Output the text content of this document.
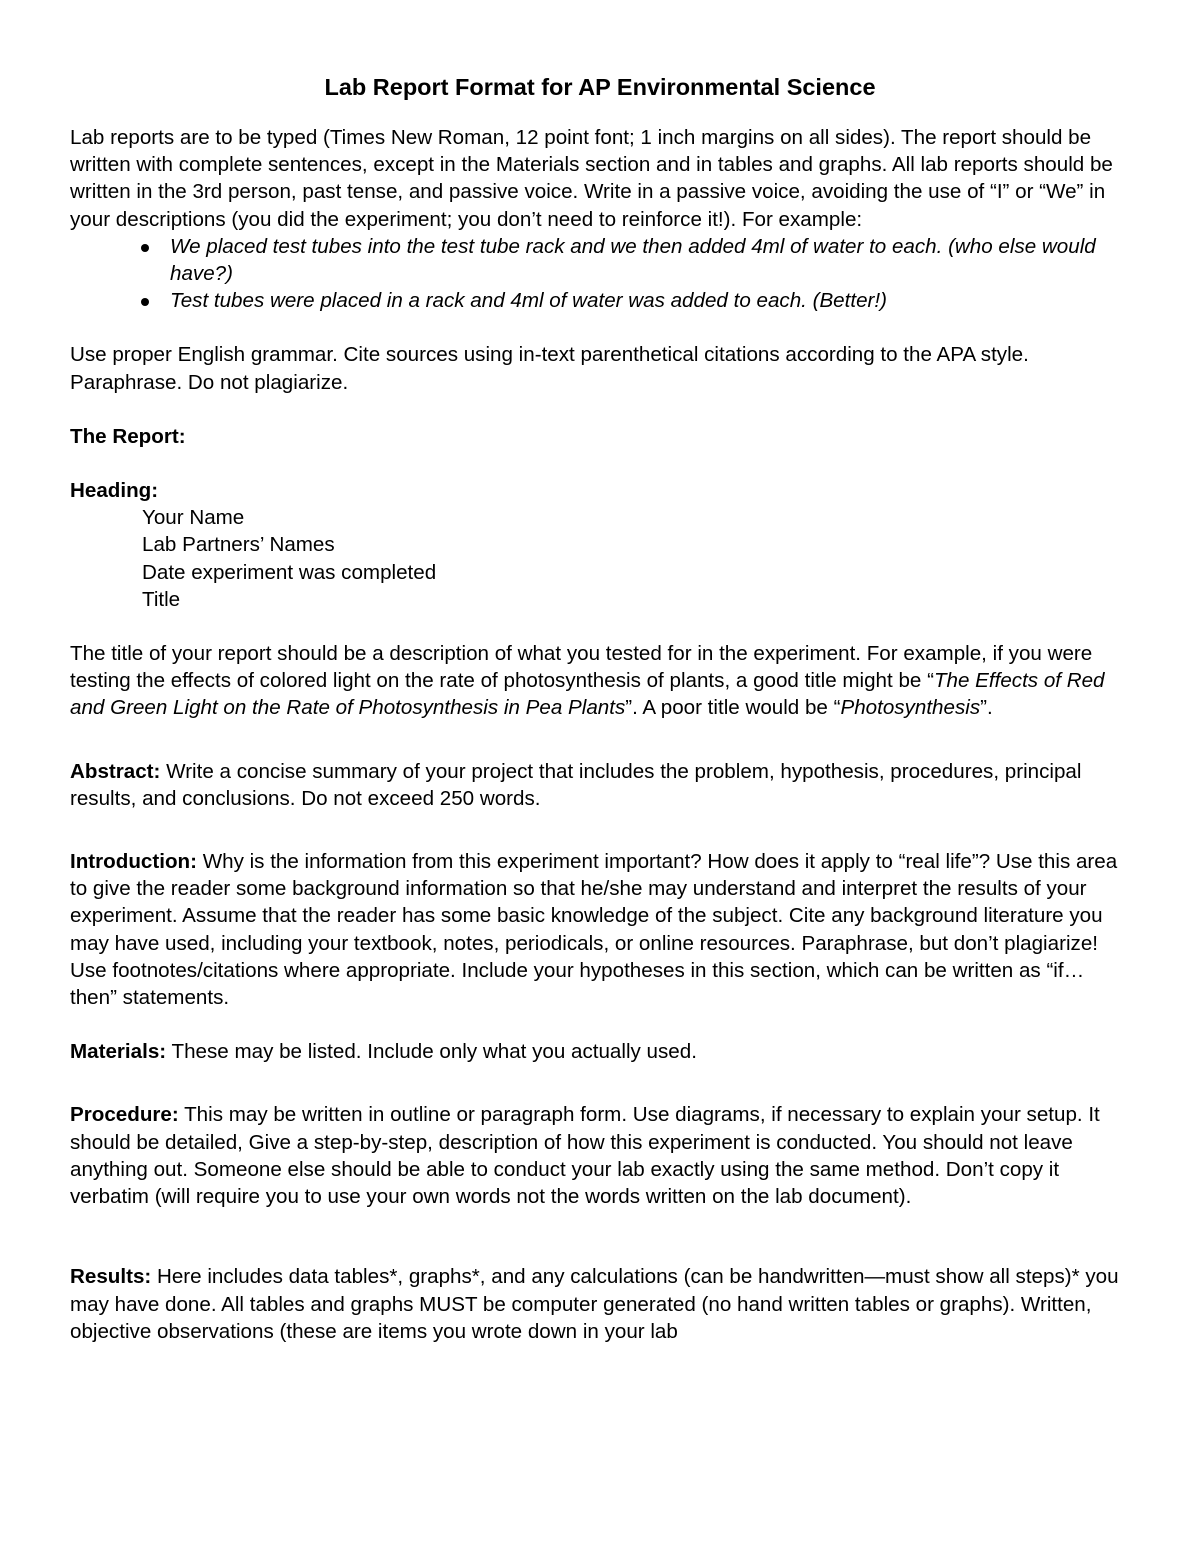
Lab Report Format for AP Environmental Science

Lab reports are to be typed (Times New Roman, 12 point font; 1 inch margins on all sides). The report should be written with complete sentences, except in the Materials section and in tables and graphs. All lab reports should be written in the 3rd person, past tense, and passive voice. Write in a passive voice, avoiding the use of “I” or “We” in your descriptions (you did the experiment; you don’t need to reinforce it!). For example:

We placed test tubes into the test tube rack and we then added 4ml of water to each. (who else would have?)
Test tubes were placed in a rack and 4ml of water was added to each. (Better!)

Use proper English grammar. Cite sources using in-text parenthetical citations according to the APA style. Paraphrase. Do not plagiarize.

The Report:

Heading:

Your Name
Lab Partners’ Names
Date experiment was completed
Title

The title of your report should be a description of what you tested for in the experiment. For example, if you were testing the effects of colored light on the rate of photosynthesis of plants, a good title might be “The Effects of Red and Green Light on the Rate of Photosynthesis in Pea Plants”. A poor title would be “Photosynthesis”.

Abstract: Write a concise summary of your project that includes the problem, hypothesis, procedures, principal results, and conclusions. Do not exceed 250 words.

Introduction: Why is the information from this experiment important? How does it apply to “real life”? Use this area to give the reader some background information so that he/she may understand and interpret the results of your experiment. Assume that the reader has some basic knowledge of the subject. Cite any background literature you may have used, including your textbook, notes, periodicals, or online resources. Paraphrase, but don’t plagiarize! Use footnotes/citations where appropriate. Include your hypotheses in this section, which can be written as “if…then” statements.

Materials: These may be listed. Include only what you actually used.

Procedure: This may be written in outline or paragraph form. Use diagrams, if necessary to explain your setup. It should be detailed, Give a step-by-step, description of how this experiment is conducted. You should not leave anything out. Someone else should be able to conduct your lab exactly using the same method. Don’t copy it verbatim (will require you to use your own words not the words written on the lab document).

Results: Here includes data tables*, graphs*, and any calculations (can be handwritten—must show all steps)* you may have done. All tables and graphs MUST be computer generated (no hand written tables or graphs). Written, objective observations (these are items you wrote down in your lab
